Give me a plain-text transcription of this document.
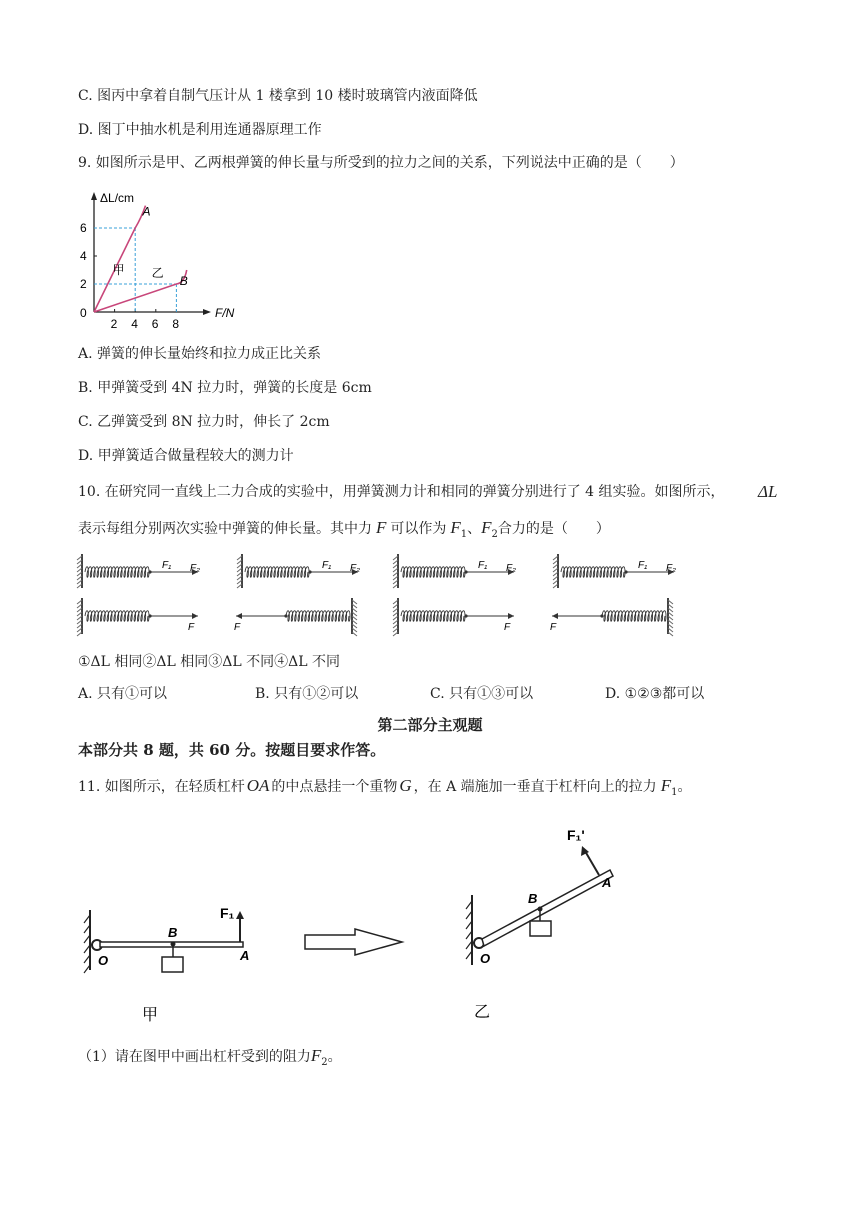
C. 图丙中拿着自制气压计从 1 楼拿到 10 楼时玻璃管内液面降低
D. 图丁中抽水机是利用连通器原理工作
9. 如图所示是甲、乙两根弹簧的伸长量与所受到的拉力之间的关系，下列说法中正确的是（　　）
ΔL/cm
F/N
0
2 4 6 8
2
4
6
A
B
甲 乙
A. 弹簧的伸长量始终和拉力成正比关系
B. 甲弹簧受到 4N 拉力时，弹簧的长度是 6cm
C. 乙弹簧受到 8N 拉力时，伸长了 2cm
D. 甲弹簧适合做量程较大的测力计
10. 在研究同一直线上二力合成的实验中，用弹簧测力计和相同的弹簧分别进行了 4 组实验。如图所示， ΔL
表示每组分别两次实验中弹簧的伸长量。其中力 F 可以作为 $F_1$、$F_2$合力的是（　　）
F₁ F₂
F
F₁ F₂
F
F₁ F₂
F
F₁ F₂
F
①ΔL 相同②ΔL 相同③ΔL 不同④ΔL 不同
A. 只有①可以	B. 只有①②可以	C. 只有①③可以	D. ①②③都可以
第二部分主观题
本部分共 8 题，共 60 分。按题目要求作答。
11. 如图所示，在轻质杠杆 OA 的中点悬挂一个重物 G ，在 A 端施加一垂直于杠杆向上的拉力 $F_1$。
F₁
B
O	A
甲
F₁ʹ
B
O
A
乙
（1）请在图甲中画出杠杆受到的阻力$F_2$。
